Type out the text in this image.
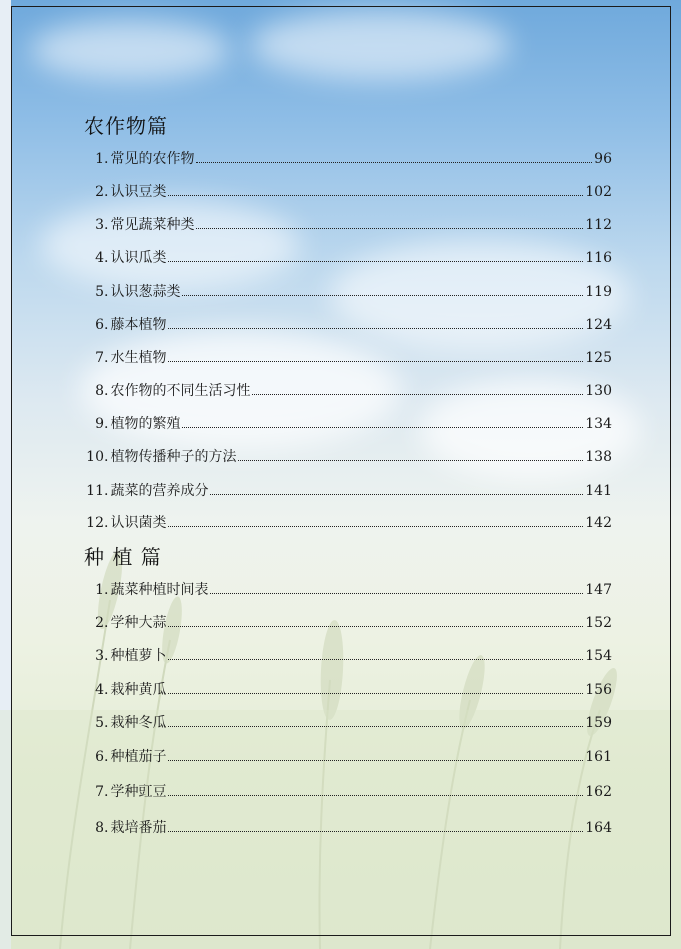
农作物篇
1 . 常见的农作物	96
2 . 认识豆类	102
3 . 常见蔬菜种类	112
4 . 认识瓜类	116
5 . 认识葱蒜类	119
6 . 藤本植物	124
7 . 水生植物	125
8 . 农作物的不同生活习性	130
9 . 植物的繁殖	134
10 . 植物传播种子的方法	138
11 . 蔬菜的营养成分	141
12 . 认识菌类	142
种 植 篇
1 . 蔬菜种植时间表	147
2 . 学种大蒜	152
3 . 种植萝卜	154
4 . 栽种黄瓜	156
5 . 栽种冬瓜	159
6 . 种植茄子	161
7 . 学种豇豆	162
8 . 栽培番茄	164
